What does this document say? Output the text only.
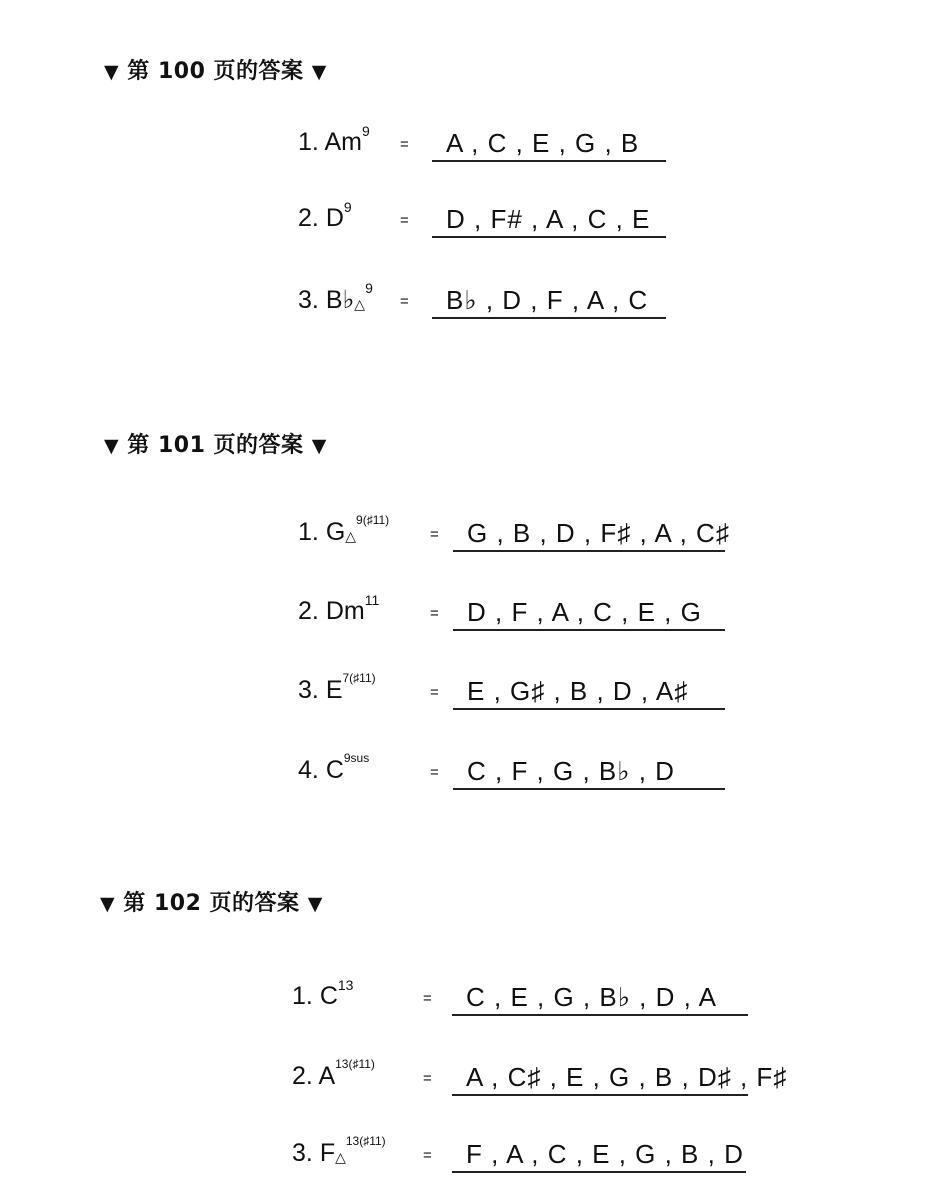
▼ 第 100 页的答案 ▼
1. $Am^9$
=	A , C , E , G , B
2. $D^9$
=	D , F# , A , C , E
3. B♭△$^9$
=	B♭ , D , F , A , C
▼ 第 101 页的答案 ▼
1. G△$^{9(♯11)}$
=	G , B , D , F♯ , A , C♯
2. $Dm^{11}$
=	D , F , A , C , E , G
3. $E^{7(♯11)}$
=	E , G♯ , B , D , A♯
4. $C^{9sus}$
=	C , F , G , B♭ , D
▼ 第 102 页的答案 ▼
1. $C^{13}$
=	C , E , G , B♭ , D , A
2. $A^{13(♯11)}$
=	A , C♯ , E , G , B , D♯ , F♯
3. F△$^{13(♯11)}$
=	F , A , C , E , G , B , D
